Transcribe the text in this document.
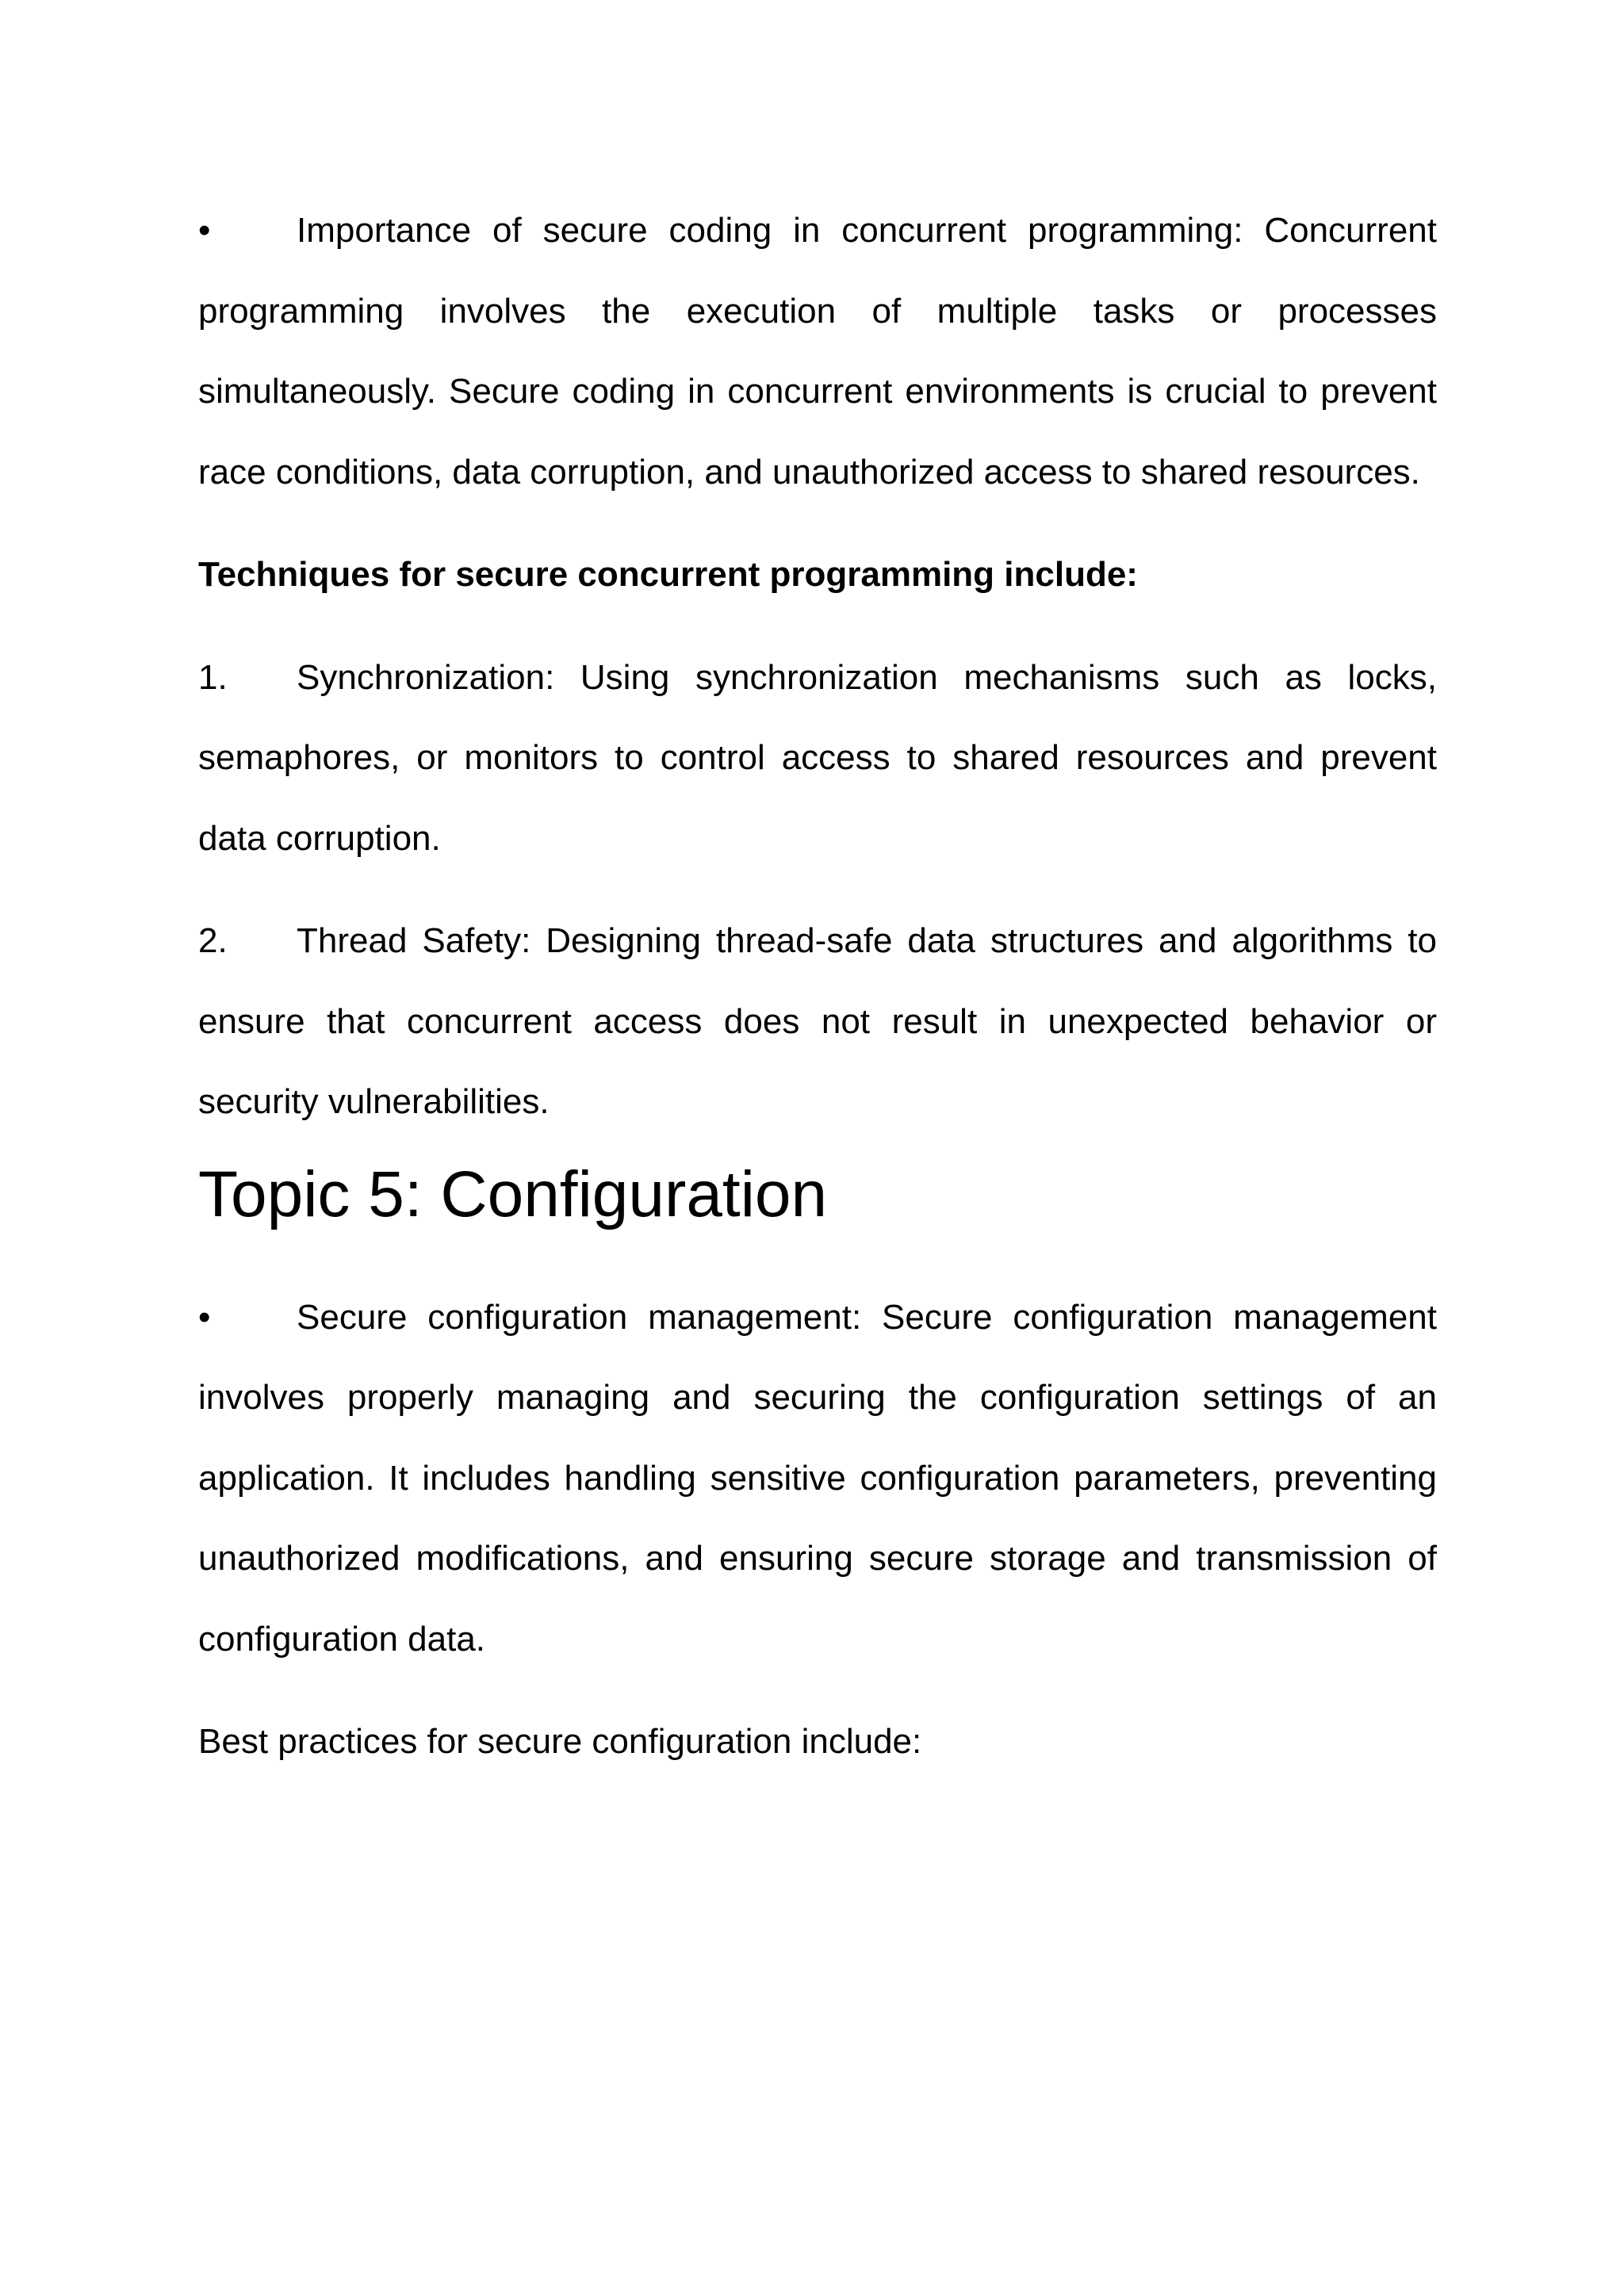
• Importance of secure coding in concurrent programming: Concurrent programming involves the execution of multiple tasks or processes simultaneously. Secure coding in concurrent environments is crucial to prevent race conditions, data corruption, and unauthorized access to shared resources.

Techniques for secure concurrent programming include:

1. Synchronization: Using synchronization mechanisms such as locks, semaphores, or monitors to control access to shared resources and prevent data corruption.

2. Thread Safety: Designing thread-safe data structures and algorithms to ensure that concurrent access does not result in unexpected behavior or security vulnerabilities.

Topic 5: Configuration

• Secure configuration management: Secure configuration management involves properly managing and securing the configuration settings of an application. It includes handling sensitive configuration parameters, preventing unauthorized modifications, and ensuring secure storage and transmission of configuration data.

Best practices for secure configuration include:
